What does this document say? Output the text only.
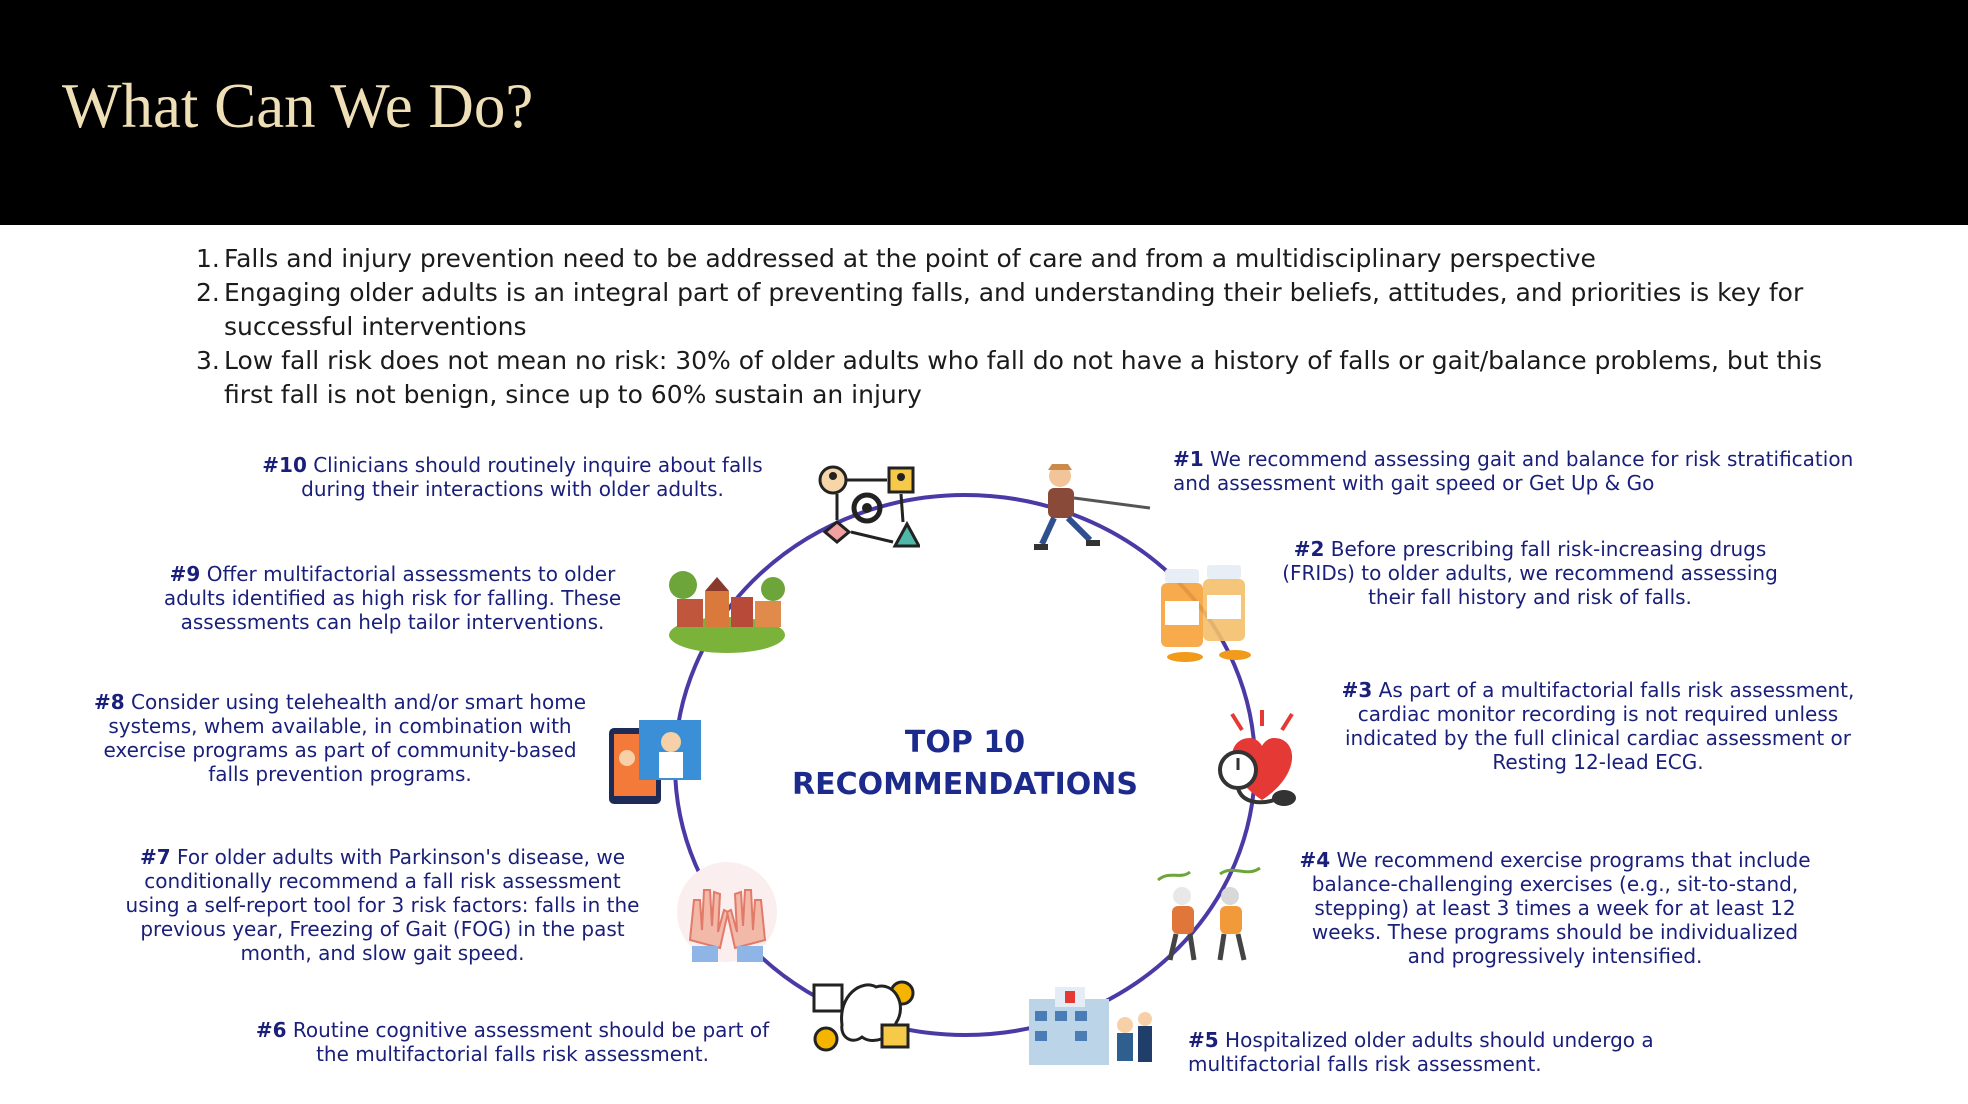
What Can We Do?
1. Falls and injury prevention need to be addressed at the point of care and from a multidisciplinary perspective
2. Engaging older adults is an integral part of preventing falls, and understanding their beliefs, attitudes, and priorities is key for successful interventions
3. Low fall risk does not mean no risk: 30% of older adults who fall do not have a history of falls or gait/balance problems, but this first fall is not benign, since up to 60% sustain an injury
TOP 10 RECOMMENDATIONS
#10 Clinicians should routinely inquire about falls during their interactions with older adults.
#9 Offer multifactorial assessments to older adults identified as high risk for falling. These assessments can help tailor interventions.
#8 Consider using telehealth and/or smart home systems, whem available, in combination with exercise programs as part of community-based falls prevention programs.
#7 For older adults with Parkinson's disease, we conditionally recommend a fall risk assessment using a self-report tool for 3 risk factors: falls in the previous year, Freezing of Gait (FOG) in the past month, and slow gait speed.
#6 Routine cognitive assessment should be part of the multifactorial falls risk assessment.
#5 Hospitalized older adults should undergo a multifactorial falls risk assessment.
#4 We recommend exercise programs that include balance-challenging exercises (e.g., sit-to-stand, stepping) at least 3 times a week for at least 12 weeks. These programs should be individualized and progressively intensified.
#3 As part of a multifactorial falls risk assessment, cardiac monitor recording is not required unless indicated by the full clinical cardiac assessment or Resting 12-lead ECG.
#2 Before prescribing fall risk-increasing drugs (FRIDs) to older adults, we recommend assessing their fall history and risk of falls.
#1 We recommend assessing gait and balance for risk stratification and assessment with gait speed or Get Up & Go
